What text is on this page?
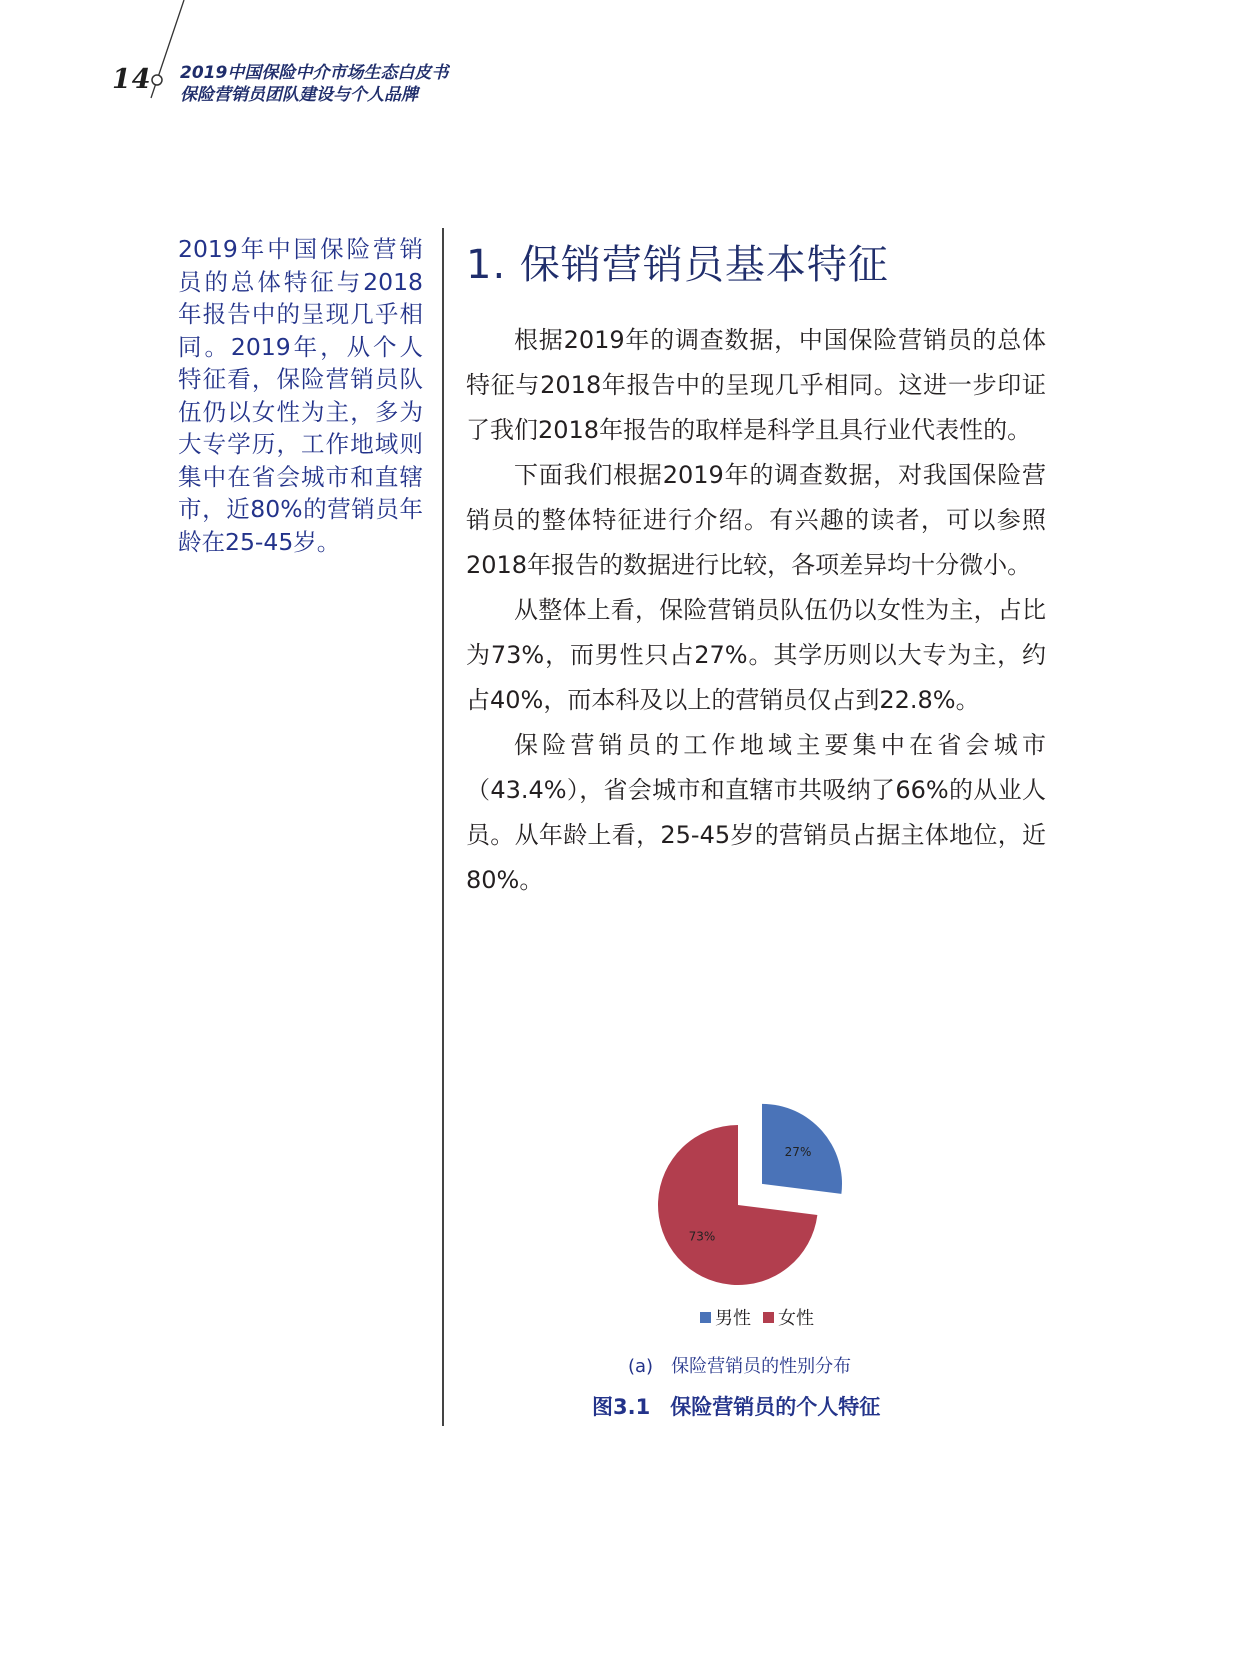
14 2019中国保险中介市场生态白皮书
保险营销员团队建设与个人品牌
2019年中国保险营销员的总体特征与2018年报告中的呈现几乎相同。2019年，从个人特征看，保险营销员队伍仍以女性为主，多为大专学历，工作地域则集中在省会城市和直辖市，近80%的营销员年龄在25-45岁。
1. 保销营销员基本特征

根据2019年的调查数据，中国保险营销员的总体特征与2018年报告中的呈现几乎相同。这进一步印证了我们2018年报告的取样是科学且具行业代表性的。

下面我们根据2019年的调查数据，对我国保险营销员的整体特征进行介绍。有兴趣的读者，可以参照2018年报告的数据进行比较，各项差异均十分微小。

从整体上看，保险营销员队伍仍以女性为主，占比为73%，而男性只占27%。其学历则以大专为主，约占40%，而本科及以上的营销员仅占到22.8%。

保险营销员的工作地域主要集中在省会城市（43.4%），省会城市和直辖市共吸纳了66%的从业人员。从年龄上看，25-45岁的营销员占据主体地位，近80%。

27%
73%
男性 女性
(a) 保险营销员的性别分布
图3.1 保险营销员的个人特征
